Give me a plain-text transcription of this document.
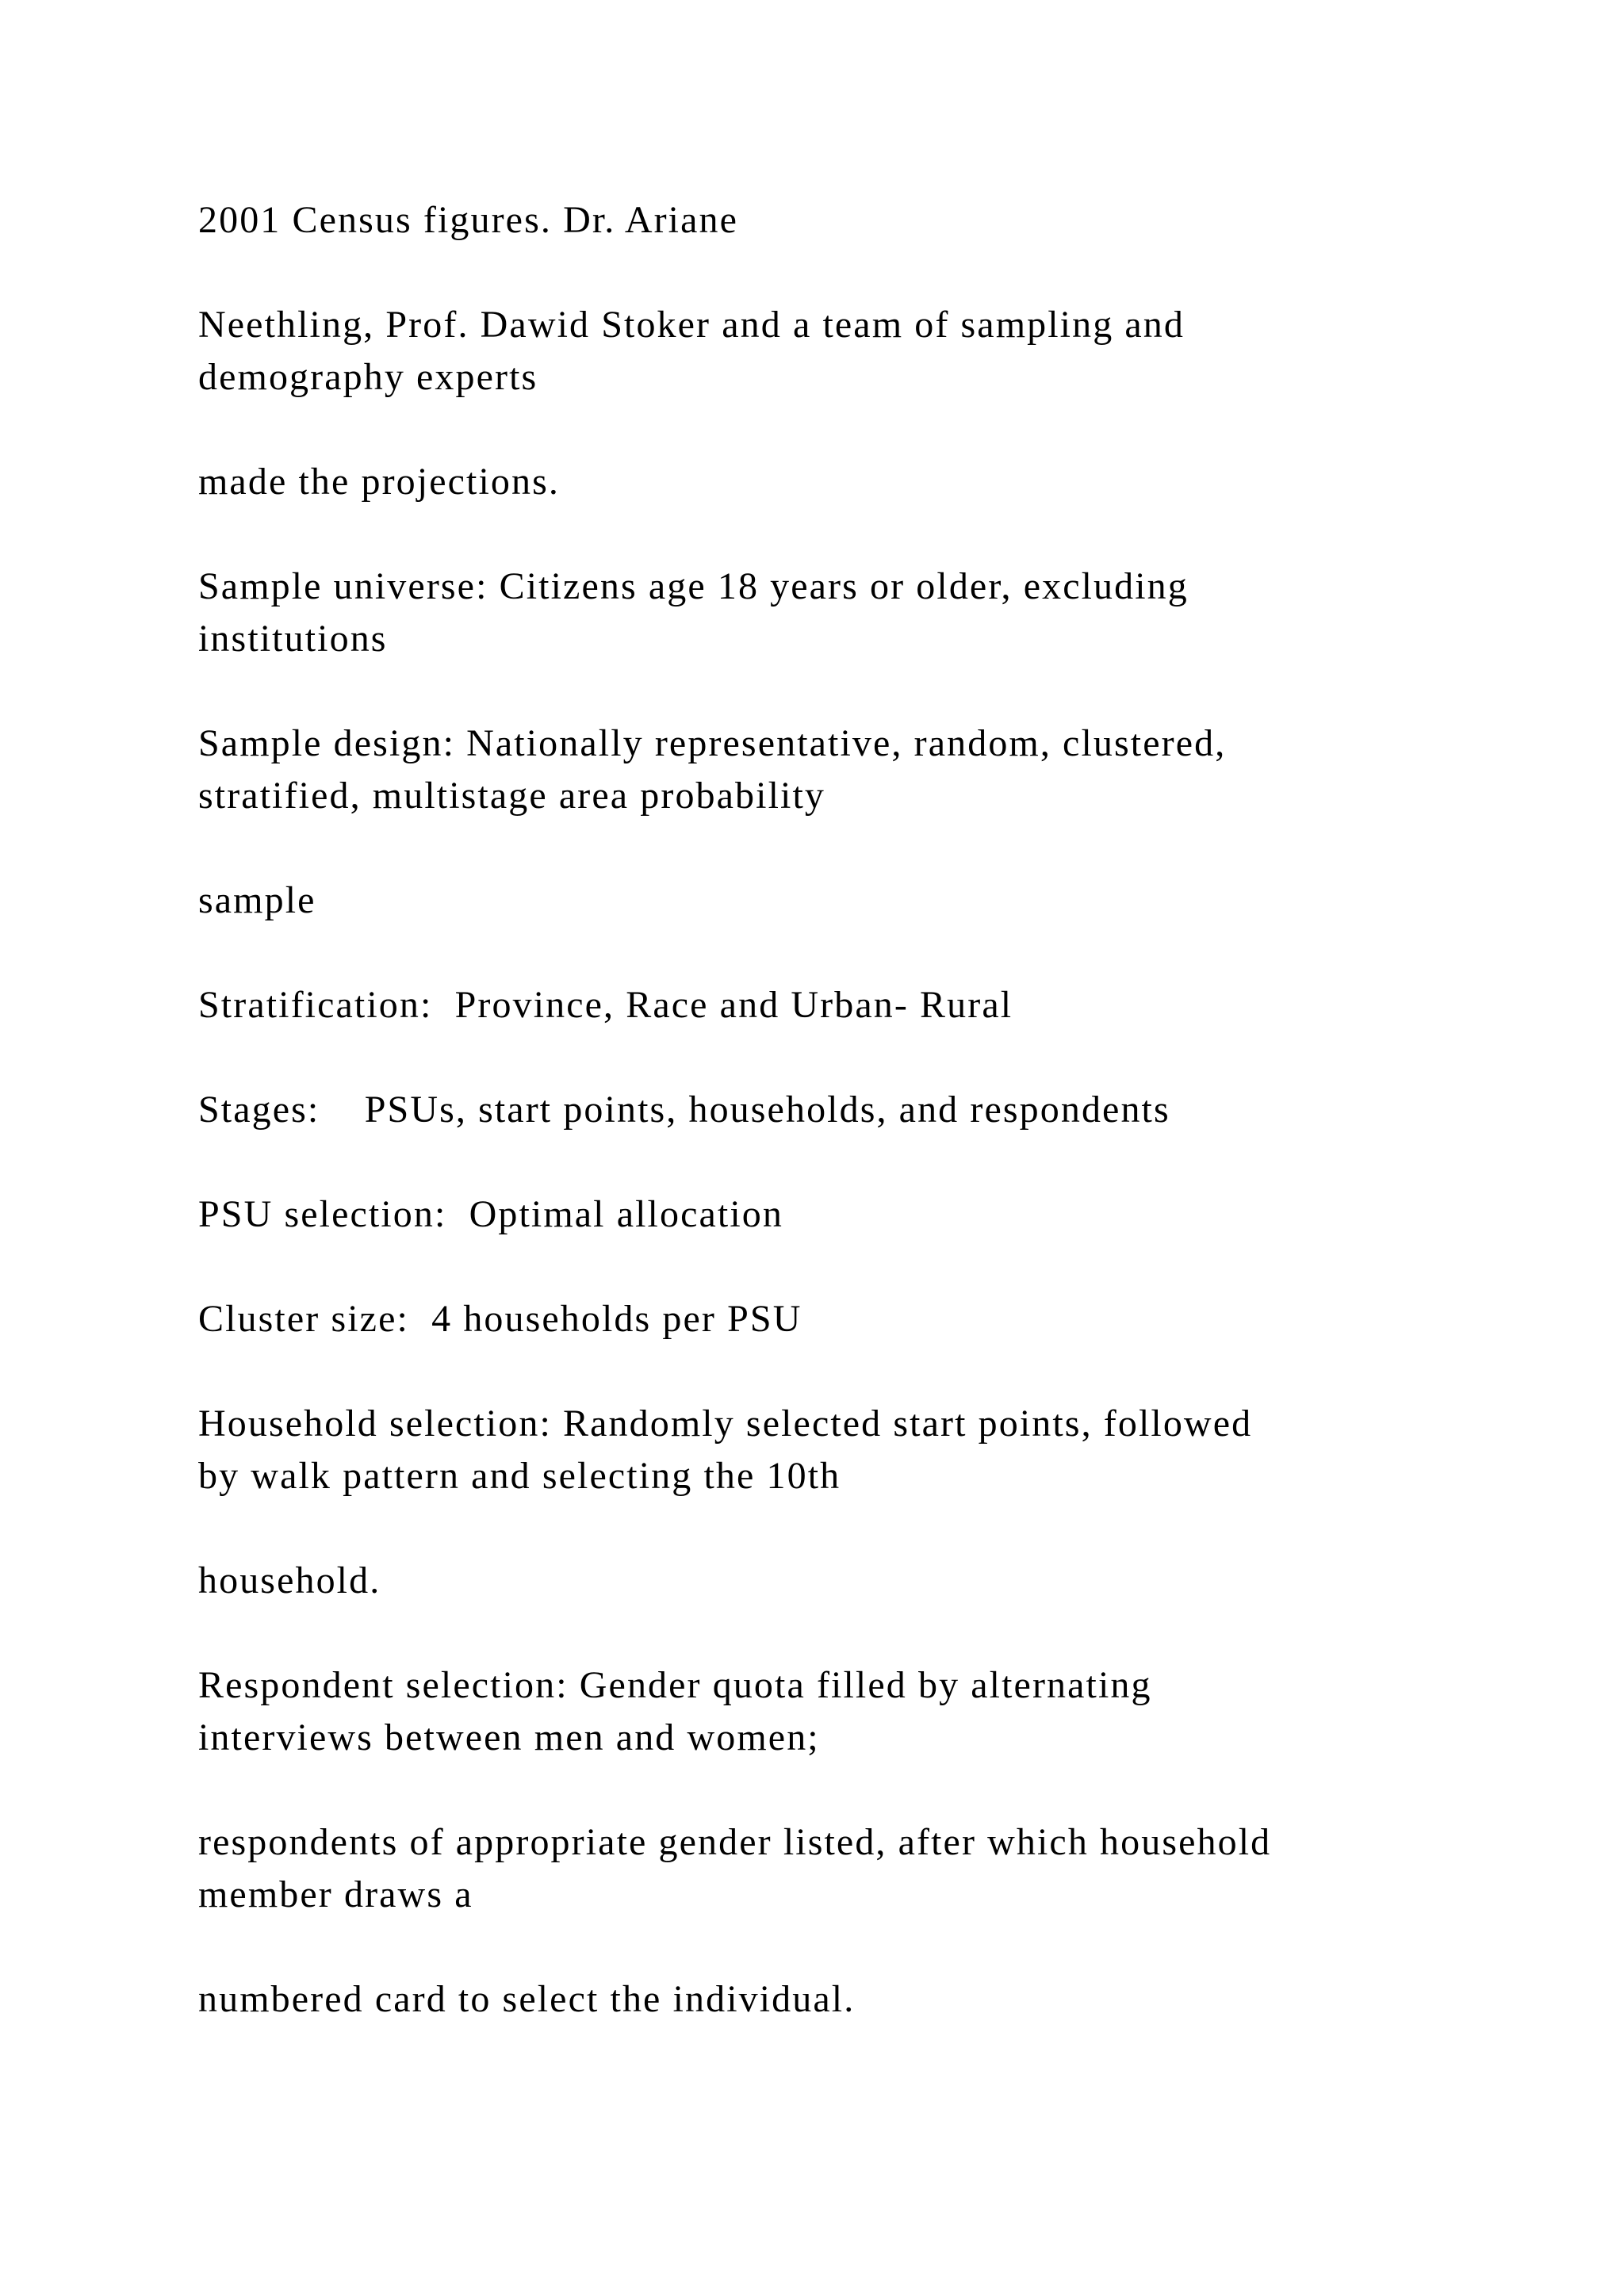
2001 Census figures. Dr. Ariane

Neethling, Prof. Dawid Stoker and a team of sampling and
demography experts

made the projections.

Sample universe: Citizens age 18 years or older, excluding
institutions

Sample design: Nationally representative, random, clustered,
stratified, multistage area probability

sample

Stratification:  Province, Race and Urban- Rural

Stages:    PSUs, start points, households, and respondents

PSU selection:  Optimal allocation

Cluster size:  4 households per PSU

Household selection: Randomly selected start points, followed
by walk pattern and selecting the 10th

household.

Respondent selection: Gender quota filled by alternating
interviews between men and women;

respondents of appropriate gender listed, after which household
member draws a

numbered card to select the individual.
